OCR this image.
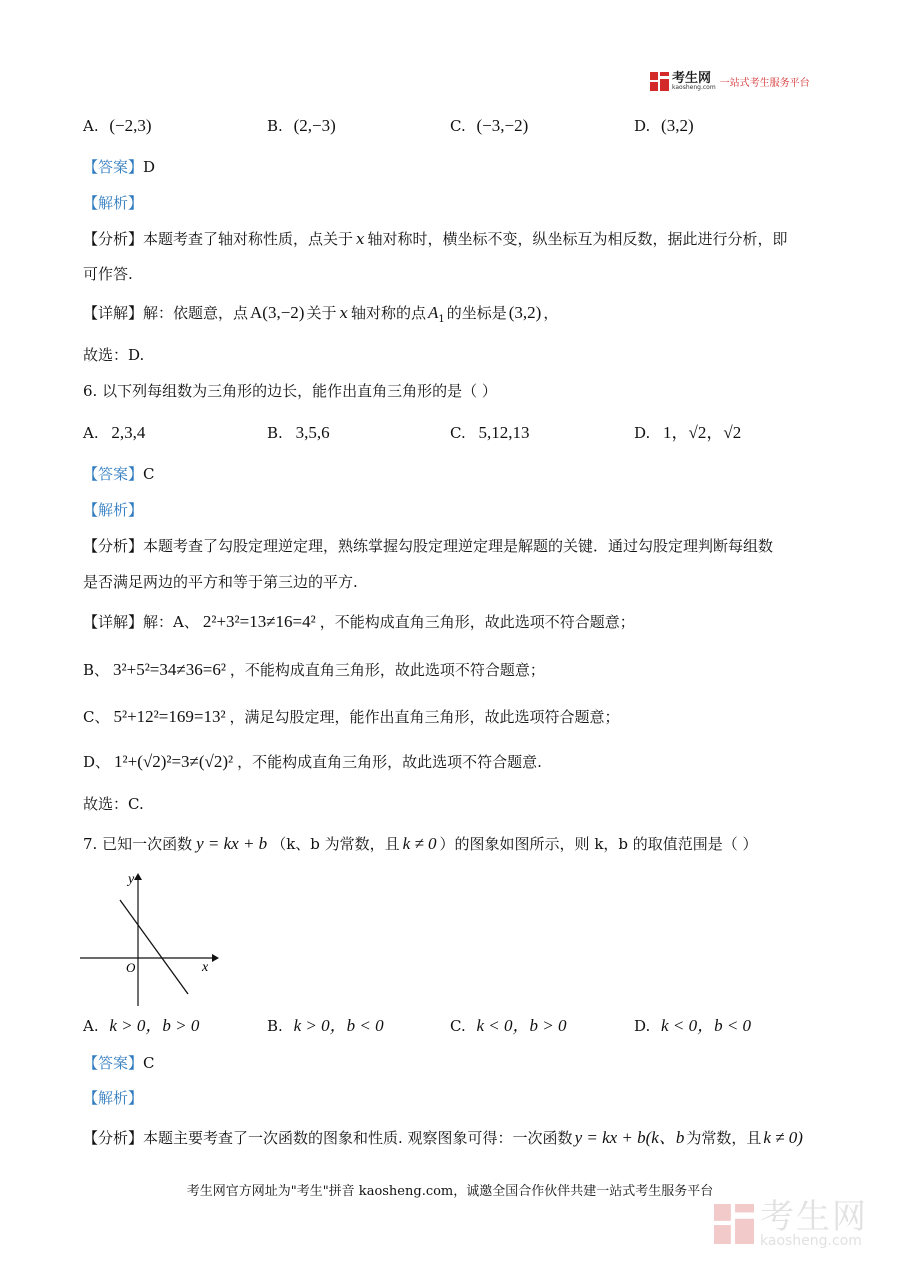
考生网
kaosheng.com 一站式考生服务平台
A. (−2,3)	B. (2,−3)	C. (−3,−2)	D. (3,2)
【答案】D
【解析】
【分析】本题考查了轴对称性质，点关于 x 轴对称时，横坐标不变，纵坐标互为相反数，据此进行分析，即
可作答.
【详解】解：依题意，点 A(3,−2) 关于 x 轴对称的点 $A_1$ 的坐标是 (3,2) ，
故选：D.
6. 以下列每组数为三角形的边长，能作出直角三角形的是（ ）
A. 2,3,4	B. 3,5,6	C. 5,12,13	D. 1，√2，√2
【答案】C
【解析】
【分析】本题考查了勾股定理逆定理，熟练掌握勾股定理逆定理是解题的关键．通过勾股定理判断每组数
是否满足两边的平方和等于第三边的平方.
【详解】解：A、 2²+3²=13≠16=4² ，不能构成直角三角形，故此选项不符合题意；
B、 3²+5²=34≠36=6² ，不能构成直角三角形，故此选项不符合题意；
C、 5²+12²=169=13² ，满足勾股定理，能作出直角三角形，故此选项符合题意；
D、 1²+(√2)²=3≠(√2)² ，不能构成直角三角形，故此选项不符合题意.
故选：C.
7. 已知一次函数 y = kx + b （k、b 为常数，且 k ≠ 0 ）的图象如图所示，则 k，b 的取值范围是（ ）
y
x
O
A. k > 0，b > 0	B. k > 0，b < 0	C. k < 0，b > 0	D. k < 0，b < 0
【答案】C
【解析】
【分析】本题主要考查了一次函数的图象和性质. 观察图象可得：一次函数 y = kx + b(k、b 为常数，且 k ≠ 0)
考生网官方网址为"考生"拼音 kaosheng.com，诚邀全国合作伙伴共建一站式考生服务平台
考生网
kaosheng.com
